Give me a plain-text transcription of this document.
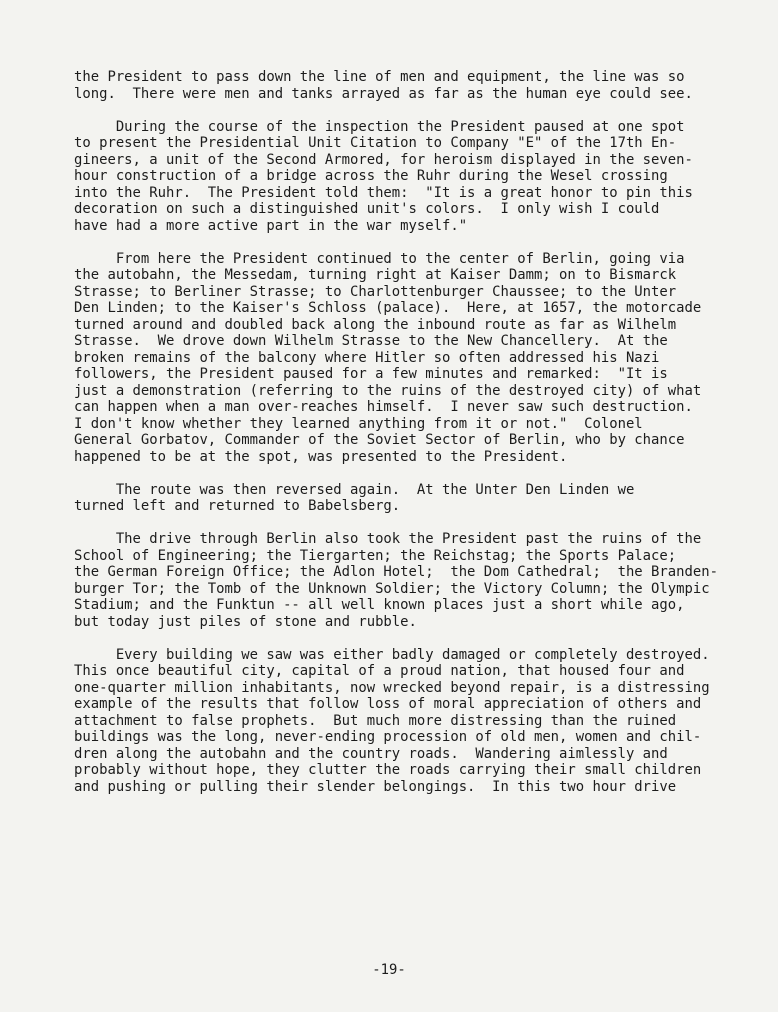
the President to pass down the line of men and equipment, the line was so
long.  There were men and tanks arrayed as far as the human eye could see.
During the course of the inspection the President paused at one spot
to present the Presidential Unit Citation to Company "E" of the 17th En-
gineers, a unit of the Second Armored, for heroism displayed in the seven-
hour construction of a bridge across the Ruhr during the Wesel crossing
into the Ruhr.  The President told them:  "It is a great honor to pin this
decoration on such a distinguished unit's colors.  I only wish I could
have had a more active part in the war myself."
From here the President continued to the center of Berlin, going via
the autobahn, the Messedam, turning right at Kaiser Damm; on to Bismarck
Strasse; to Berliner Strasse; to Charlottenburger Chaussee; to the Unter
Den Linden; to the Kaiser's Schloss (palace).  Here, at 1657, the motorcade
turned around and doubled back along the inbound route as far as Wilhelm
Strasse.  We drove down Wilhelm Strasse to the New Chancellery.  At the
broken remains of the balcony where Hitler so often addressed his Nazi
followers, the President paused for a few minutes and remarked:  "It is
just a demonstration (referring to the ruins of the destroyed city) of what
can happen when a man over-reaches himself.  I never saw such destruction.
I don't know whether they learned anything from it or not."  Colonel
General Gorbatov, Commander of the Soviet Sector of Berlin, who by chance
happened to be at the spot, was presented to the President.
The route was then reversed again.  At the Unter Den Linden we
turned left and returned to Babelsberg.
The drive through Berlin also took the President past the ruins of the
School of Engineering; the Tiergarten; the Reichstag; the Sports Palace;
the German Foreign Office; the Adlon Hotel;  the Dom Cathedral;  the Branden-
burger Tor; the Tomb of the Unknown Soldier; the Victory Column; the Olympic
Stadium; and the Funktun -- all well known places just a short while ago,
but today just piles of stone and rubble.
Every building we saw was either badly damaged or completely destroyed.
This once beautiful city, capital of a proud nation, that housed four and
one-quarter million inhabitants, now wrecked beyond repair, is a distressing
example of the results that follow loss of moral appreciation of others and
attachment to false prophets.  But much more distressing than the ruined
buildings was the long, never-ending procession of old men, women and chil-
dren along the autobahn and the country roads.  Wandering aimlessly and
probably without hope, they clutter the roads carrying their small children
and pushing or pulling their slender belongings.  In this two hour drive
-19-
